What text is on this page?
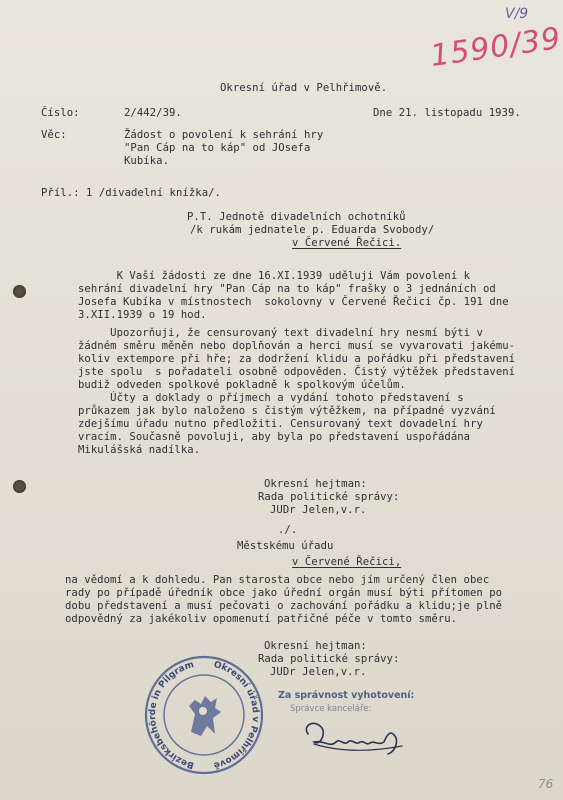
V/9
1590/39
Okresní úřad v Pelhřimově.
Číslo:	2/442/39.	Dne 21. listopadu 1939.
Věc:	Žádost o povolení k sehrání hry
"Pan Cáp na to káp" od JOsefa
Kubíka.
Příl.: 1 /divadelní knížka/.
P.T. Jednotě divadelních ochotníků
/k rukám jednatele p. Eduarda Svobody/
v Červené Řečici.
K Vaší žádosti ze dne 16.XI.1939 uděluji Vám povolení k
sehrání divadelní hry "Pan Cáp na to káp" frašky o 3 jednáních od
Josefa Kubíka v místnostech  sokolovny v Červené Řečici čp. 191 dne
3.XII.1939 o 19 hod.
Upozorňuji, že censurovaný text divadelní hry nesmí býti v
žádném směru měněn nebo doplňován a herci musí se vyvarovati jakému-
koliv extempore při hře; za dodržení klidu a pořádku při představení
jste spolu  s pořadateli osobně odpověden. Čistý výtěžek představení
budiž odveden spolkové pokladně k spolkovým účelům.
Účty a doklady o příjmech a vydání tohoto představení s
průkazem jak bylo naloženo s čistým výtěžkem, na případné vyzvání
zdejšímu úřadu nutno předložiti. Censurovaný text dovadelní hry
vracím. Současně povoluji, aby byla po představení uspořádána
Mikulášská nadílka.
Okresní hejtman:
Rada politické správy:
JUDr Jelen,v.r.
./.
Městskému úřadu
v Červené Řečici,
na vědomí a k dohledu. Pan starosta obce nebo jím určený člen obec
rady po případě úředník obce jako úřední orgán musí býti přítomen po
dobu představení a musí pečovati o zachování pořádku a klidu;je plně
odpovědný za jakékoliv opomenutí patřičné péče v tomto směru.
Okresní hejtman:
Rada politické správy:
JUDr Jelen,v.r.
Bezirksbehörde in Pilgram Okresní úřad v Pelhřimově
Za správnost vyhotovení:
Správce kanceláře:
76
